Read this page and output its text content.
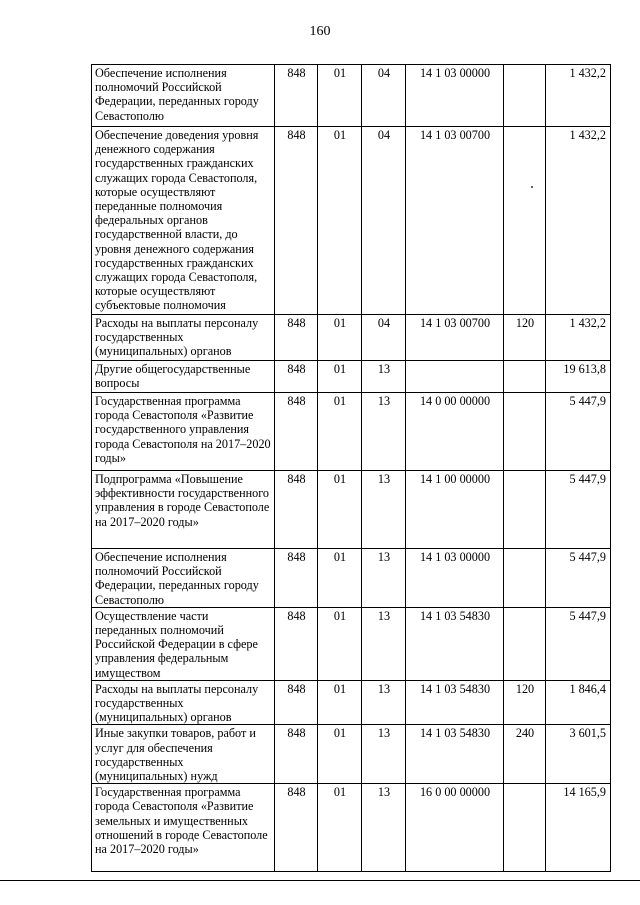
160
Обеспечение исполнения полномочий Российской Федерации, переданных городу Севастополю	848	01	04	14 1 03 00000		1 432,2
Обеспечение доведения уровня денежного содержания государственных гражданских служащих города Севастополя, которые осуществляют переданные полномочия федеральных органов государственной власти, до уровня денежного содержания государственных гражданских служащих города Севастополя, которые осуществляют субъектовые полномочия	848	01	04	14 1 03 00700		1 432,2
Расходы на выплаты персоналу государственных (муниципальных) органов	848	01	04	14 1 03 00700	120	1 432,2
Другие общегосударственные вопросы	848	01	13			19 613,8
Государственная программа города Севастополя «Развитие государственного управления города Севастополя на 2017–2020 годы»	848	01	13	14 0 00 00000		5 447,9
Подпрограмма «Повышение эффективности государственного управления в городе Севастополе на 2017–2020 годы»	848	01	13	14 1 00 00000		5 447,9
Обеспечение исполнения полномочий Российской Федерации, переданных городу Севастополю	848	01	13	14 1 03 00000		5 447,9
Осуществление части переданных полномочий Российской Федерации в сфере управления федеральным имуществом	848	01	13	14 1 03 54830		5 447,9
Расходы на выплаты персоналу государственных (муниципальных) органов	848	01	13	14 1 03 54830	120	1 846,4
Иные закупки товаров, работ и услуг для обеспечения государственных (муниципальных) нужд	848	01	13	14 1 03 54830	240	3 601,5
Государственная программа города Севастополя «Развитие земельных и имущественных отношений в городе Севастополе на 2017–2020 годы»	848	01	13	16 0 00 00000		14 165,9
